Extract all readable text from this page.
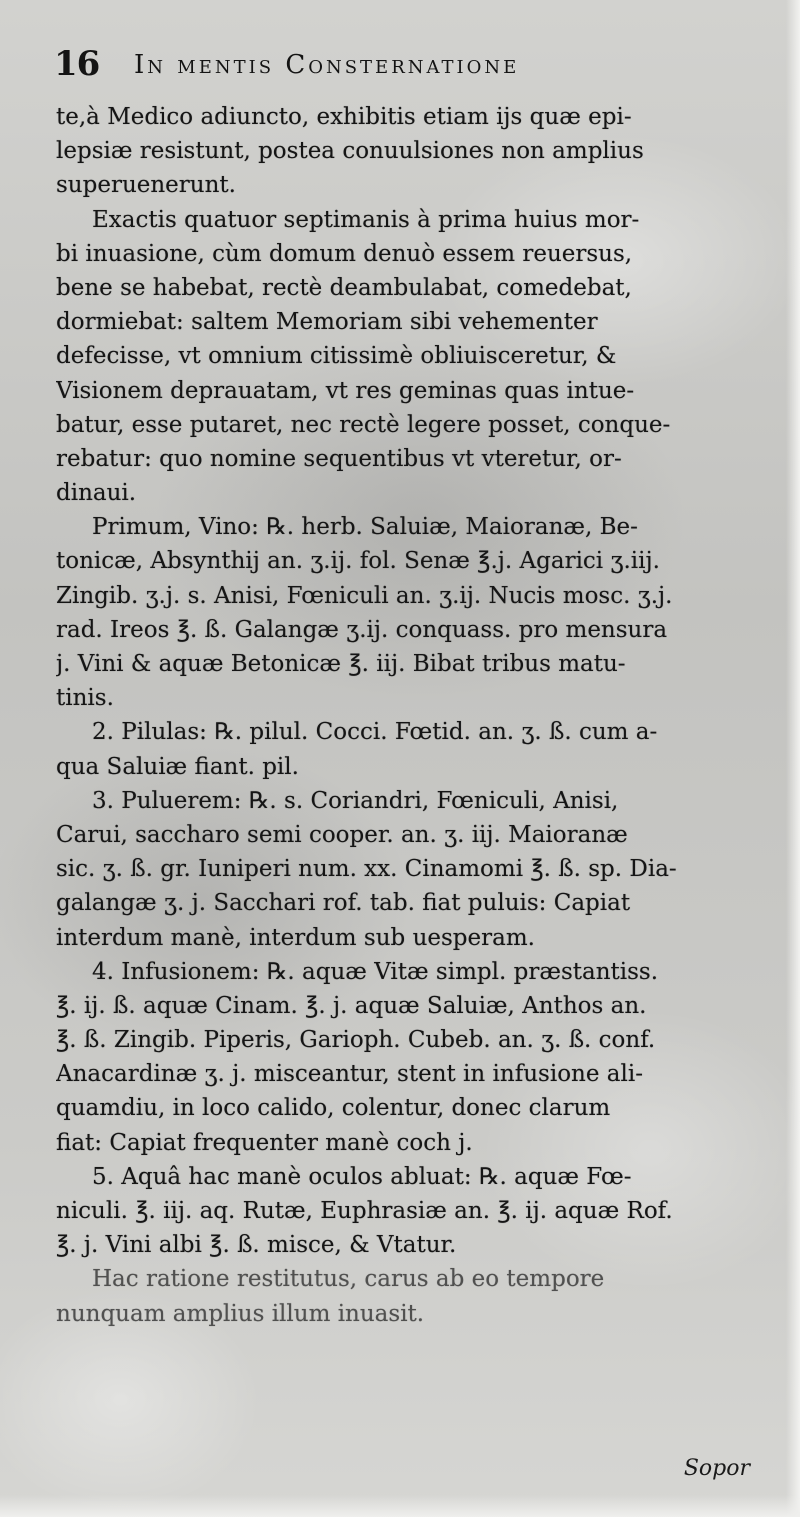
16 In mentis Consternatione
te,à Medico adiuncto, exhibitis etiam ijs quæ epi-
lepsiæ resistunt, postea conuulsiones non amplius
superuenerunt.
Exactis quatuor septimanis à prima huius mor-
bi inuasione, cùm domum denuò essem reuersus,
bene se habebat, rectè deambulabat, comedebat,
dormiebat: saltem Memoriam sibi vehementer
defecisse, vt omnium citissimè obliuisceretur, &
Visionem deprauatam, vt res geminas quas intue-
batur, esse putaret, nec rectè legere posset, conque-
rebatur: quo nomine sequentibus vt vteretur, or-
dinaui.
Primum, Vino: ℞. herb. Saluiæ, Maioranæ, Be-
tonicæ, Absynthij an. ʒ.ij. fol. Senæ ℥.j. Agarici ʒ.iij.
Zingib. ʒ.j. s. Anisi, Fœniculi an. ʒ.ij. Nucis mosc. ʒ.j.
rad. Ireos ℥. ß. Galangæ ʒ.ij. conquass. pro mensura
j. Vini & aquæ Betonicæ ℥. iij. Bibat tribus matu-
tinis.
2. Pilulas: ℞. pilul. Cocci. Fœtid. an. ʒ. ß. cum a-
qua Saluiæ fiant. pil.
3. Puluerem: ℞. s. Coriandri, Fœniculi, Anisi,
Carui, saccharo semi cooper. an. ʒ. iij. Maioranæ
sic. ʒ. ß. gr. Iuniperi num. xx. Cinamomi ℥. ß. sp. Dia-
galangæ ʒ. j. Sacchari rof. tab. fiat puluis: Capiat
interdum manè, interdum sub uesperam.
4. Infusionem: ℞. aquæ Vitæ simpl. præstantiss.
℥. ij. ß. aquæ Cinam. ℥. j. aquæ Saluiæ, Anthos an.
℥. ß. Zingib. Piperis, Garioph. Cubeb. an. ʒ. ß. conf.
Anacardinæ ʒ. j. misceantur, stent in infusione ali-
quamdiu, in loco calido, colentur, donec clarum
fiat: Capiat frequenter manè coch j.
5. Aquâ hac manè oculos abluat: ℞. aquæ Fœ-
niculi. ℥. iij. aq. Rutæ, Euphrasiæ an. ℥. ij. aquæ Rof.
℥. j. Vini albi ℥. ß. misce, & Vtatur.
Hac ratione restitutus, carus ab eo tempore
nunquam amplius illum inuasit.
Sopor
